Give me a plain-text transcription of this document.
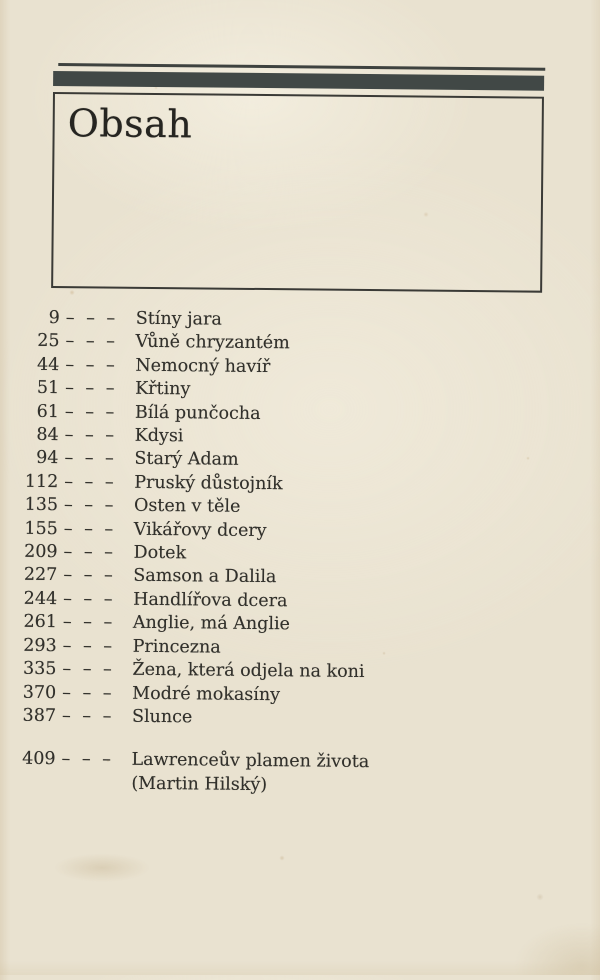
Obsah
9 – – –	Stíny jara
25 – – –	Vůně chryzantém
44 – – –	Nemocný havíř
51 – – –	Křtiny
61 – – –	Bílá punčocha
84 – – –	Kdysi
94 – – –	Starý Adam
112 – – –	Pruský důstojník
135 – – –	Osten v těle
155 – – –	Vikářovy dcery
209 – – –	Dotek
227 – – –	Samson a Dalila
244 – – –	Handlířova dcera
261 – – –	Anglie, má Anglie
293 – – –	Princezna
335 – – –	Žena, která odjela na koni
370 – – –	Modré mokasíny
387 – – –	Slunce
409 – – –	Lawrenceův plamen života
(Martin Hilský)
